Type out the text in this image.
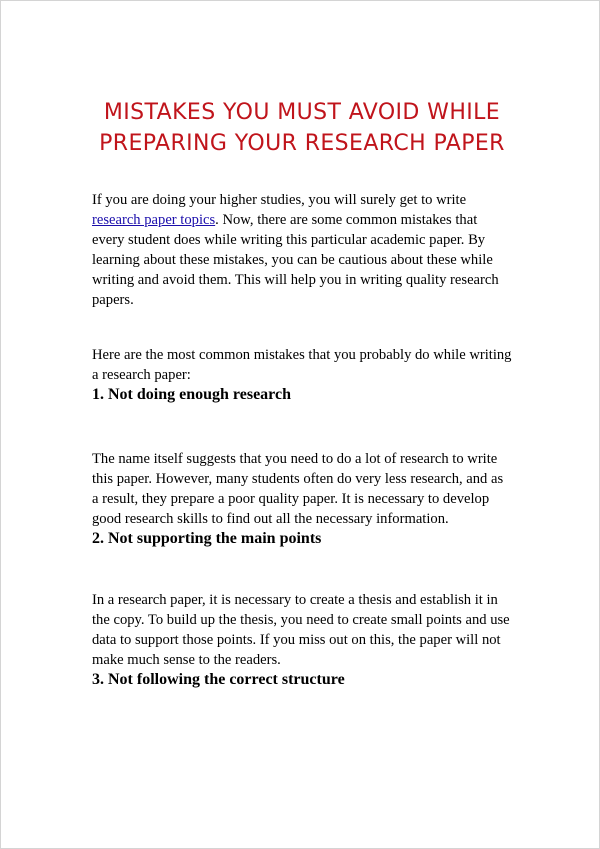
MISTAKES YOU MUST AVOID WHILE
PREPARING YOUR RESEARCH PAPER

If you are doing your higher studies, you will surely get to write research paper topics. Now, there are some common mistakes that every student does while writing this particular academic paper. By learning about these mistakes, you can be cautious about these while writing and avoid them. This will help you in writing quality research papers.

Here are the most common mistakes that you probably do while writing a research paper:

1. Not doing enough research

The name itself suggests that you need to do a lot of research to write this paper. However, many students often do very less research, and as a result, they prepare a poor quality paper. It is necessary to develop good research skills to find out all the necessary information.

2. Not supporting the main points

In a research paper, it is necessary to create a thesis and establish it in the copy. To build up the thesis, you need to create small points and use data to support those points. If you miss out on this, the paper will not make much sense to the readers.

3. Not following the correct structure
